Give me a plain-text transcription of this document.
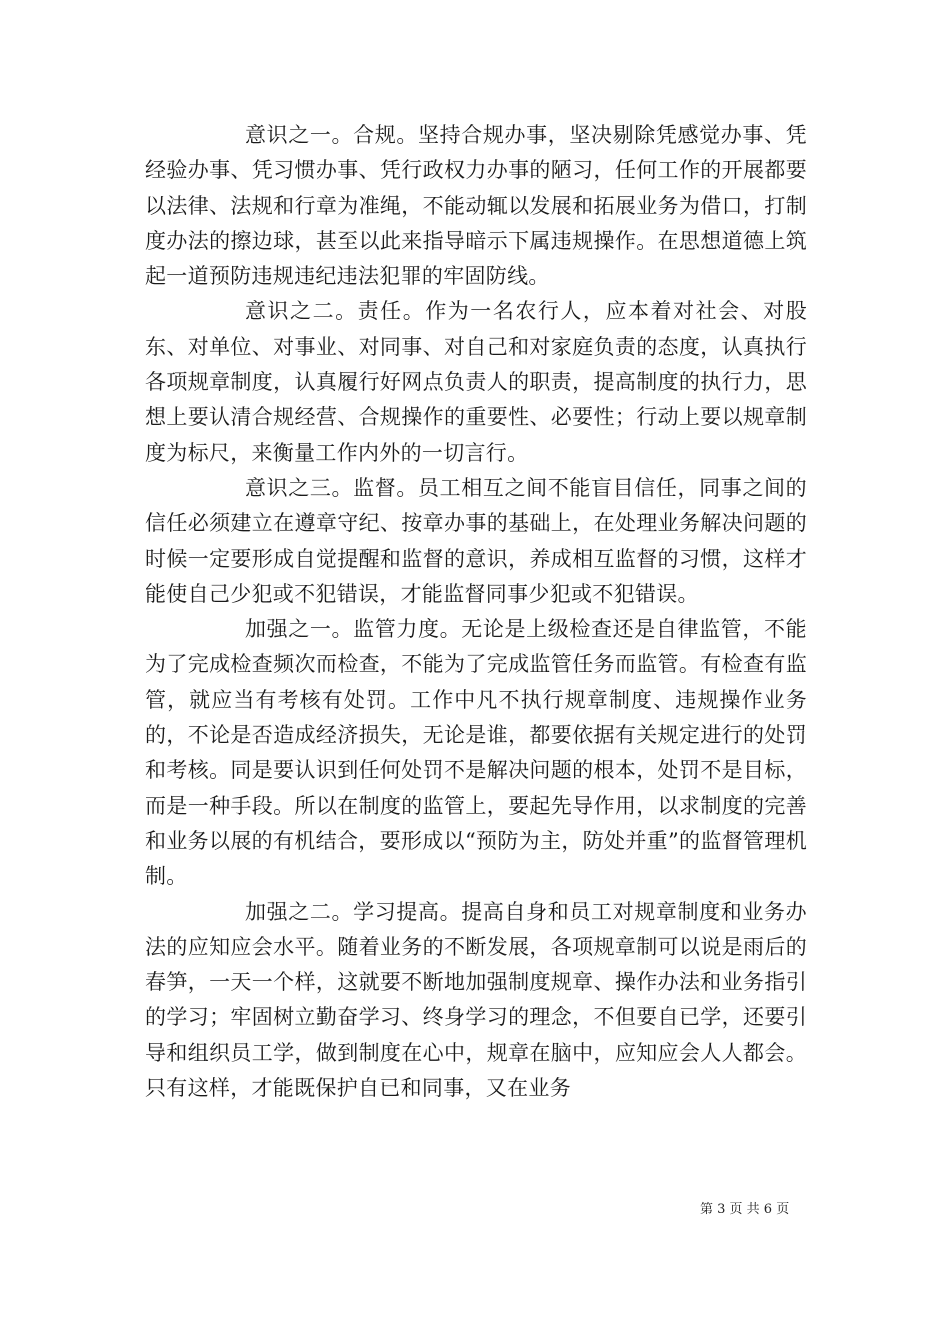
意识之一。合规。坚持合规办事，坚决剔除凭感觉办事、凭经验办事、凭习惯办事、凭行政权力办事的陋习，任何工作的开展都要以法律、法规和行章为准绳，不能动辄以发展和拓展业务为借口，打制度办法的擦边球，甚至以此来指导暗示下属违规操作。在思想道德上筑起一道预防违规违纪违法犯罪的牢固防线。

意识之二。责任。作为一名农行人，应本着对社会、对股东、对单位、对事业、对同事、对自己和对家庭负责的态度，认真执行各项规章制度，认真履行好网点负责人的职责，提高制度的执行力，思想上要认清合规经营、合规操作的重要性、必要性；行动上要以规章制度为标尺，来衡量工作内外的一切言行。

意识之三。监督。员工相互之间不能盲目信任，同事之间的信任必须建立在遵章守纪、按章办事的基础上，在处理业务解决问题的时候一定要形成自觉提醒和监督的意识，养成相互监督的习惯，这样才能使自己少犯或不犯错误，才能监督同事少犯或不犯错误。

加强之一。监管力度。无论是上级检查还是自律监管，不能为了完成检查频次而检查，不能为了完成监管任务而监管。有检查有监管，就应当有考核有处罚。工作中凡不执行规章制度、违规操作业务的，不论是否造成经济损失，无论是谁，都要依据有关规定进行的处罚和考核。同是要认识到任何处罚不是解决问题的根本，处罚不是目标，而是一种手段。所以在制度的监管上，要起先导作用，以求制度的完善和业务以展的有机结合，要形成以“预防为主，防处并重”的监督管理机制。

加强之二。学习提高。提高自身和员工对规章制度和业务办法的应知应会水平。随着业务的不断发展，各项规章制可以说是雨后的春笋，一天一个样，这就要不断地加强制度规章、操作办法和业务指引的学习；牢固树立勤奋学习、终身学习的理念，不但要自已学，还要引导和组织员工学，做到制度在心中，规章在脑中，应知应会人人都会。只有这样，才能既保护自已和同事，又在业务

第 3 页 共 6 页
